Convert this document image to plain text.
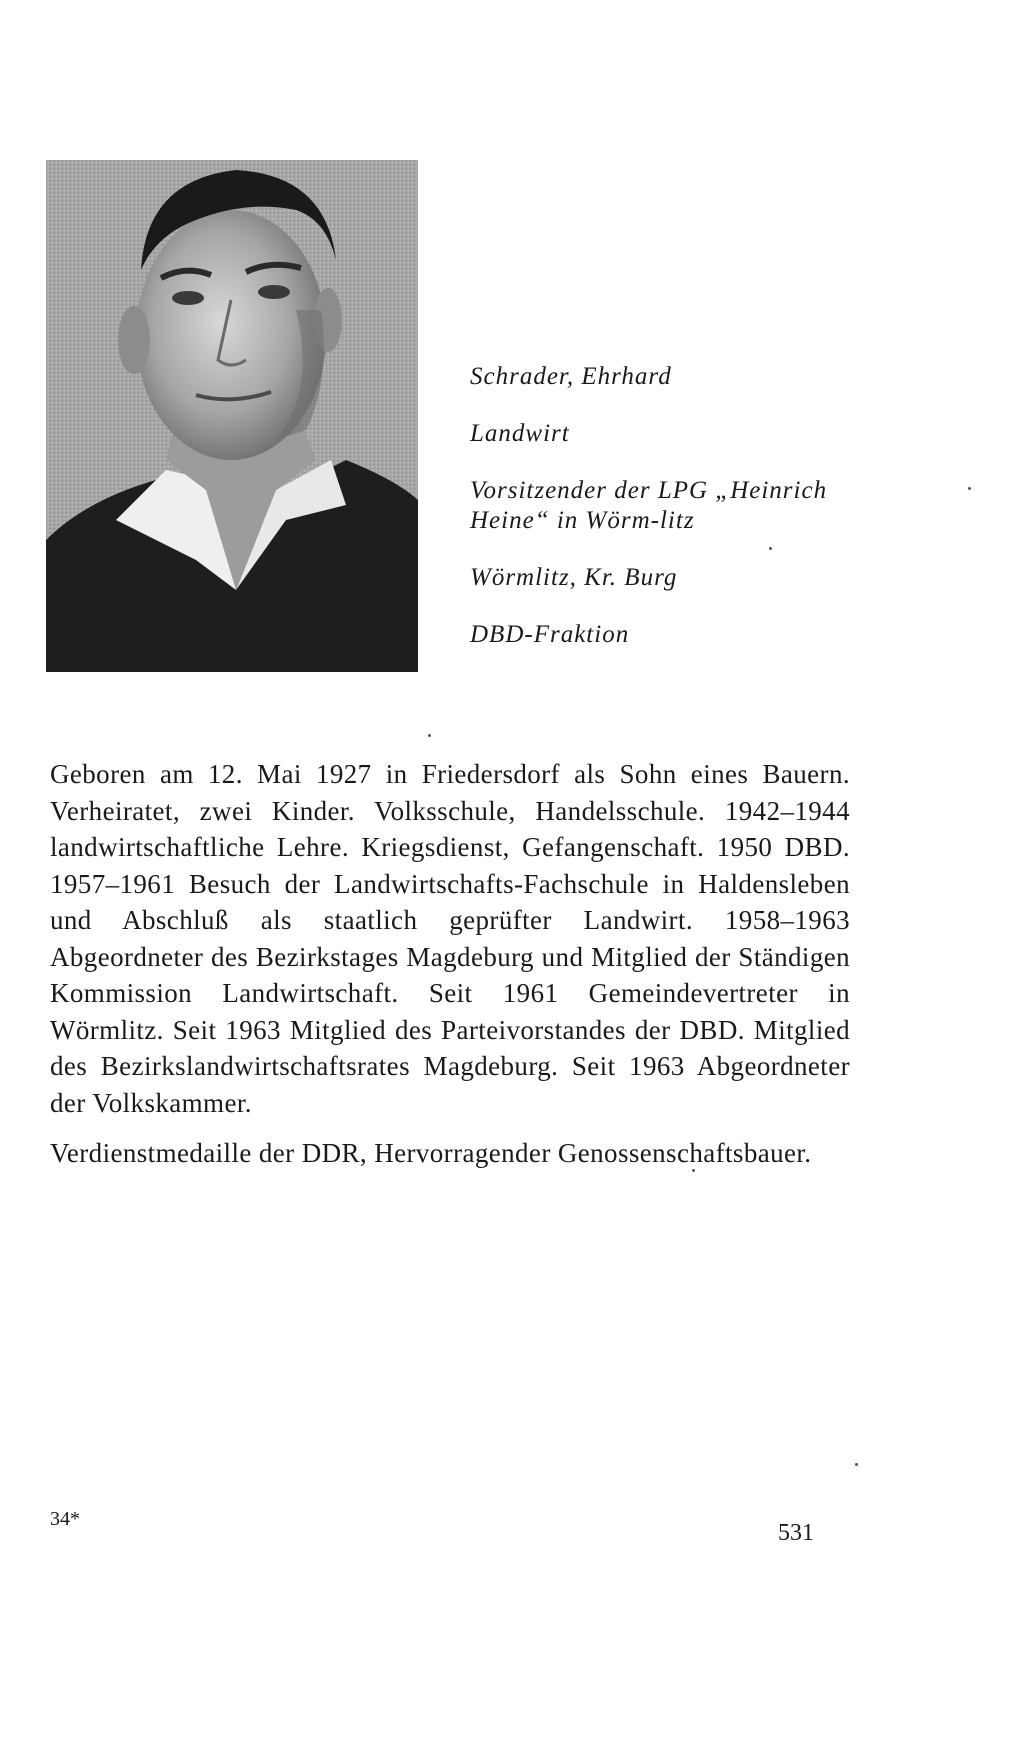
Schrader, Ehrhard
Landwirt
Vorsitzender der LPG „Heinrich Heine“ in Wörm-litz
Wörmlitz, Kr. Burg
DBD-Fraktion

Geboren am 12. Mai 1927 in Friedersdorf als Sohn eines Bauern. Verheiratet, zwei Kinder. Volksschule, Handelsschule. 1942–1944 landwirtschaftliche Lehre. Kriegsdienst, Gefangenschaft. 1950 DBD. 1957–1961 Besuch der Landwirtschafts-Fachschule in Haldensleben und Abschluß als staatlich geprüfter Landwirt. 1958–1963 Abgeordneter des Bezirkstages Magdeburg und Mitglied der Ständigen Kommission Landwirtschaft. Seit 1961 Gemeindevertreter in Wörmlitz. Seit 1963 Mitglied des Parteivorstandes der DBD. Mitglied des Bezirkslandwirtschaftsrates Magdeburg. Seit 1963 Abgeordneter der Volkskammer.

Verdienstmedaille der DDR, Hervorragender Genossenschaftsbauer.

34*
531
